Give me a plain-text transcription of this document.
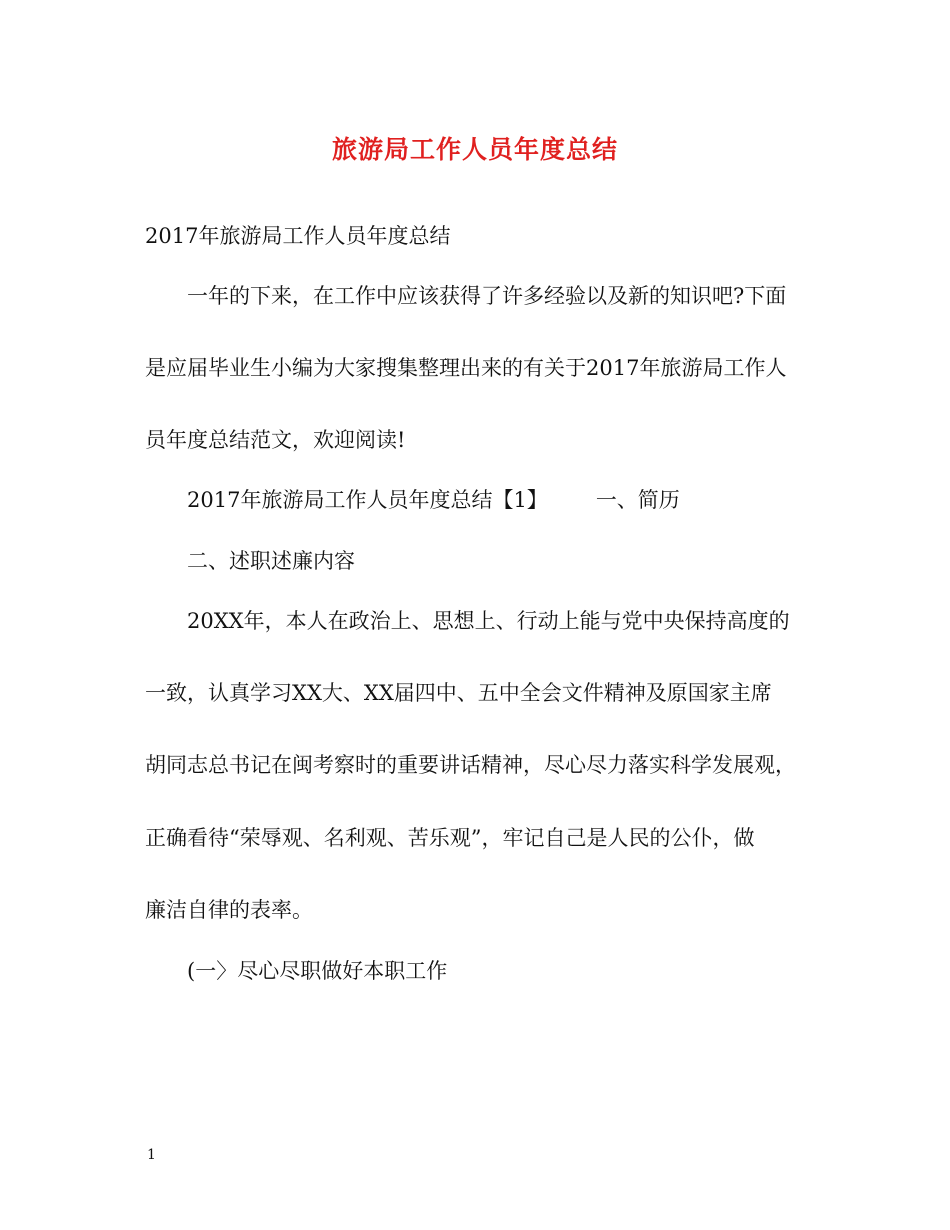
旅游局工作人员年度总结
2017年旅游局工作人员年度总结
一年的下来，在工作中应该获得了许多经验以及新的知识吧?下面
是应届毕业生小编为大家搜集整理出来的有关于2017年旅游局工作人
员年度总结范文，欢迎阅读!
2017年旅游局工作人员年度总结【1】 一、简历
二、述职述廉内容
20XX年，本人在政治上、思想上、行动上能与党中央保持高度的
一致，认真学习XX大、XX届四中、五中全会文件精神及原国家主席
胡同志总书记在闽考察时的重要讲话精神，尽心尽力落实科学发展观，
正确看待“荣辱观、名利观、苦乐观”，牢记自己是人民的公仆，做
廉洁自律的表率。
(一〉尽心尽职做好本职工作
1
